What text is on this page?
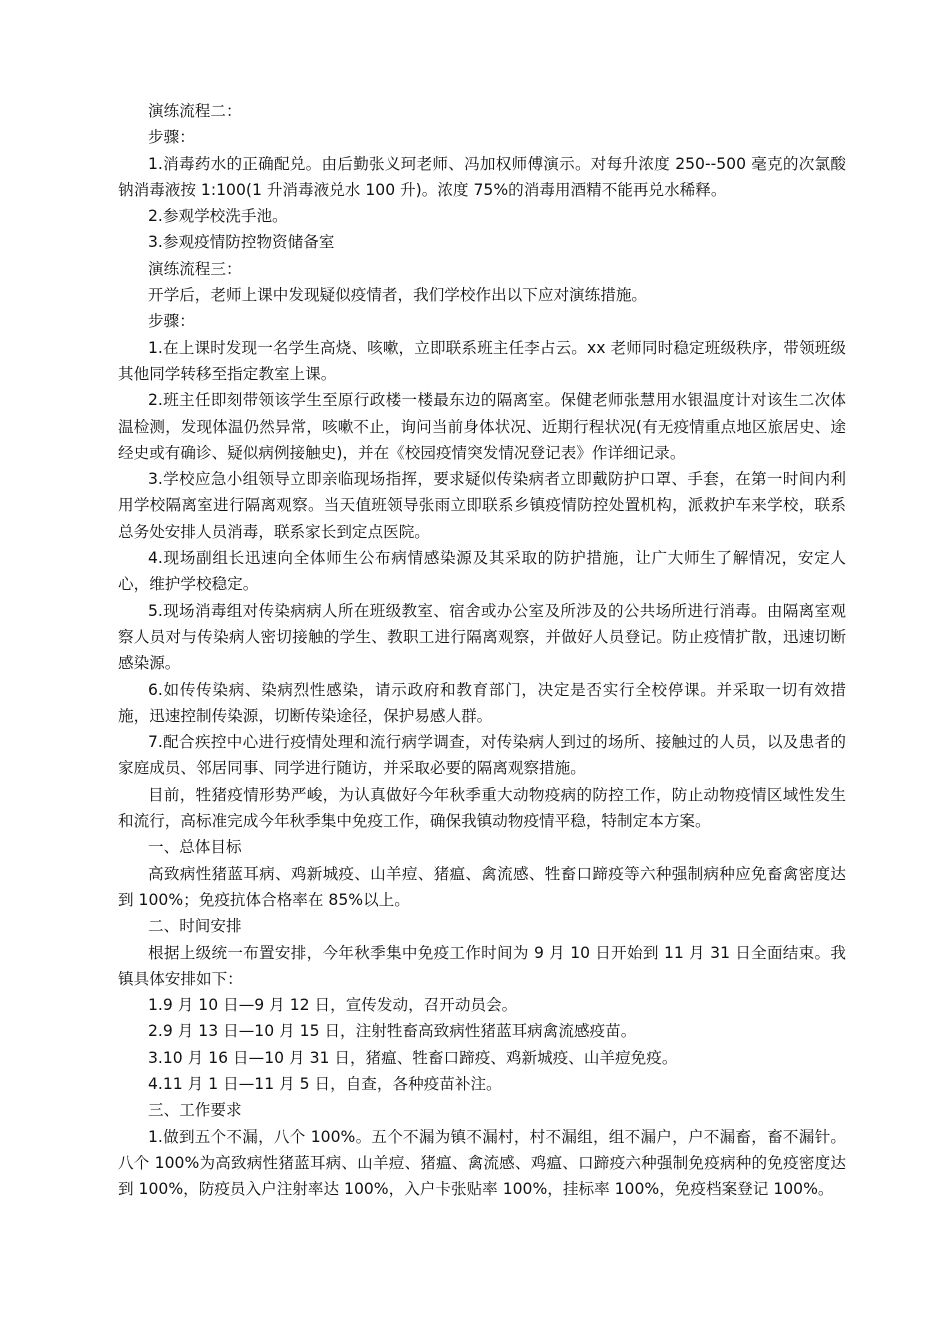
演练流程二：

步骤：

1.消毒药水的正确配兑。由后勤张义珂老师、冯加权师傅演示。对每升浓度 250--500 毫克的次氯酸钠消毒液按 1:100(1 升消毒液兑水 100 升)。浓度 75%的消毒用酒精不能再兑水稀释。

2.参观学校洗手池。

3.参观疫情防控物资储备室

演练流程三：

开学后，老师上课中发现疑似疫情者，我们学校作出以下应对演练措施。

步骤：

1.在上课时发现一名学生高烧、咳嗽，立即联系班主任李占云。xx 老师同时稳定班级秩序，带领班级其他同学转移至指定教室上课。

2.班主任即刻带领该学生至原行政楼一楼最东边的隔离室。保健老师张慧用水银温度计对该生二次体温检测，发现体温仍然异常，咳嗽不止，询问当前身体状况、近期行程状况(有无疫情重点地区旅居史、途经史或有确诊、疑似病例接触史)，并在《校园疫情突发情况登记表》作详细记录。

3.学校应急小组领导立即亲临现场指挥，要求疑似传染病者立即戴防护口罩、手套，在第一时间内利用学校隔离室进行隔离观察。当天值班领导张雨立即联系乡镇疫情防控处置机构，派救护车来学校，联系总务处安排人员消毒，联系家长到定点医院。

4.现场副组长迅速向全体师生公布病情感染源及其采取的防护措施，让广大师生了解情况，安定人心，维护学校稳定。

5.现场消毒组对传染病病人所在班级教室、宿舍或办公室及所涉及的公共场所进行消毒。由隔离室观察人员对与传染病人密切接触的学生、教职工进行隔离观察，并做好人员登记。防止疫情扩散，迅速切断感染源。

6.如传传染病、染病烈性感染，请示政府和教育部门，决定是否实行全校停课。并采取一切有效措施，迅速控制传染源，切断传染途径，保护易感人群。

7.配合疾控中心进行疫情处理和流行病学调查，对传染病人到过的场所、接触过的人员，以及患者的家庭成员、邻居同事、同学进行随访，并采取必要的隔离观察措施。

目前，牲猪疫情形势严峻，为认真做好今年秋季重大动物疫病的防控工作，防止动物疫情区域性发生和流行，高标准完成今年秋季集中免疫工作，确保我镇动物疫情平稳，特制定本方案。

一、总体目标

高致病性猪蓝耳病、鸡新城疫、山羊痘、猪瘟、禽流感、牲畜口蹄疫等六种强制病种应免畜禽密度达到 100%；免疫抗体合格率在 85%以上。

二、时间安排

根据上级统一布置安排，今年秋季集中免疫工作时间为 9 月 10 日开始到 11 月 31 日全面结束。我镇具体安排如下：

1.9 月 10 日—9 月 12 日，宣传发动，召开动员会。

2.9 月 13 日—10 月 15 日，注射牲畜高致病性猪蓝耳病禽流感疫苗。

3.10 月 16 日—10 月 31 日，猪瘟、牲畜口蹄疫、鸡新城疫、山羊痘免疫。

4.11 月 1 日—11 月 5 日，自查，各种疫苗补注。

三、工作要求

1.做到五个不漏，八个 100%。五个不漏为镇不漏村，村不漏组，组不漏户，户不漏畜，畜不漏针。八个 100%为高致病性猪蓝耳病、山羊痘、猪瘟、禽流感、鸡瘟、口蹄疫六种强制免疫病种的免疫密度达到 100%，防疫员入户注射率达 100%，入户卡张贴率 100%，挂标率 100%，免疫档案登记 100%。
